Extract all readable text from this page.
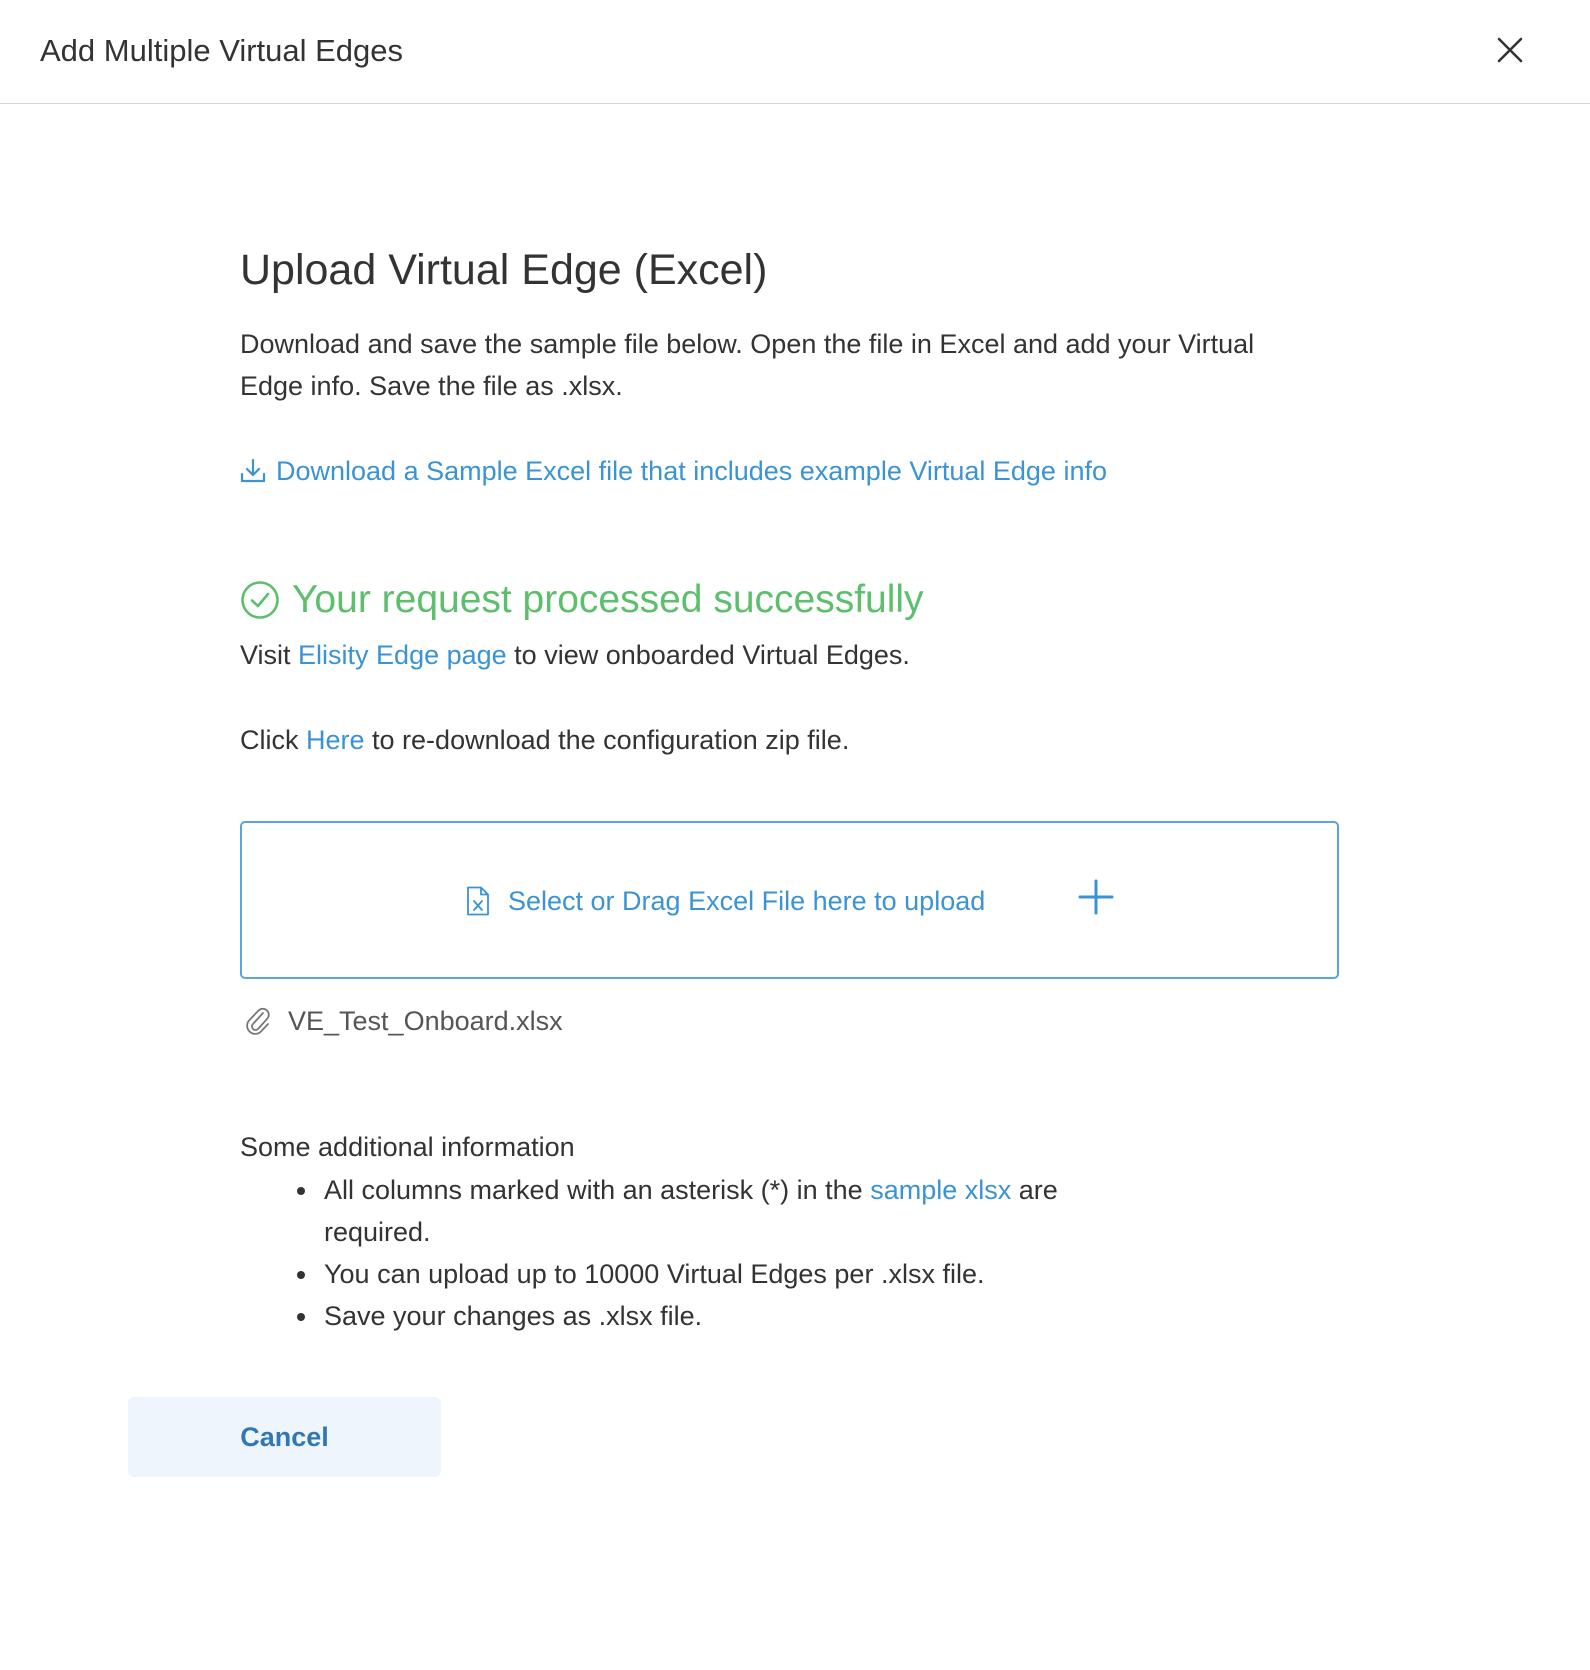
Add Multiple Virtual Edges
Upload Virtual Edge (Excel)
Download and save the sample file below. Open the file in Excel and add your Virtual Edge info. Save the file as .xlsx.
Download a Sample Excel file that includes example Virtual Edge info
Your request processed successfully
Visit Elisity Edge page to view onboarded Virtual Edges.
Click Here to re-download the configuration zip file.
Select or Drag Excel File here to upload
VE_Test_Onboard.xlsx
Some additional information
• All columns marked with an asterisk (*) in the sample xlsx are required.
• You can upload up to 10000 Virtual Edges per .xlsx file.
• Save your changes as .xlsx file.
Cancel
